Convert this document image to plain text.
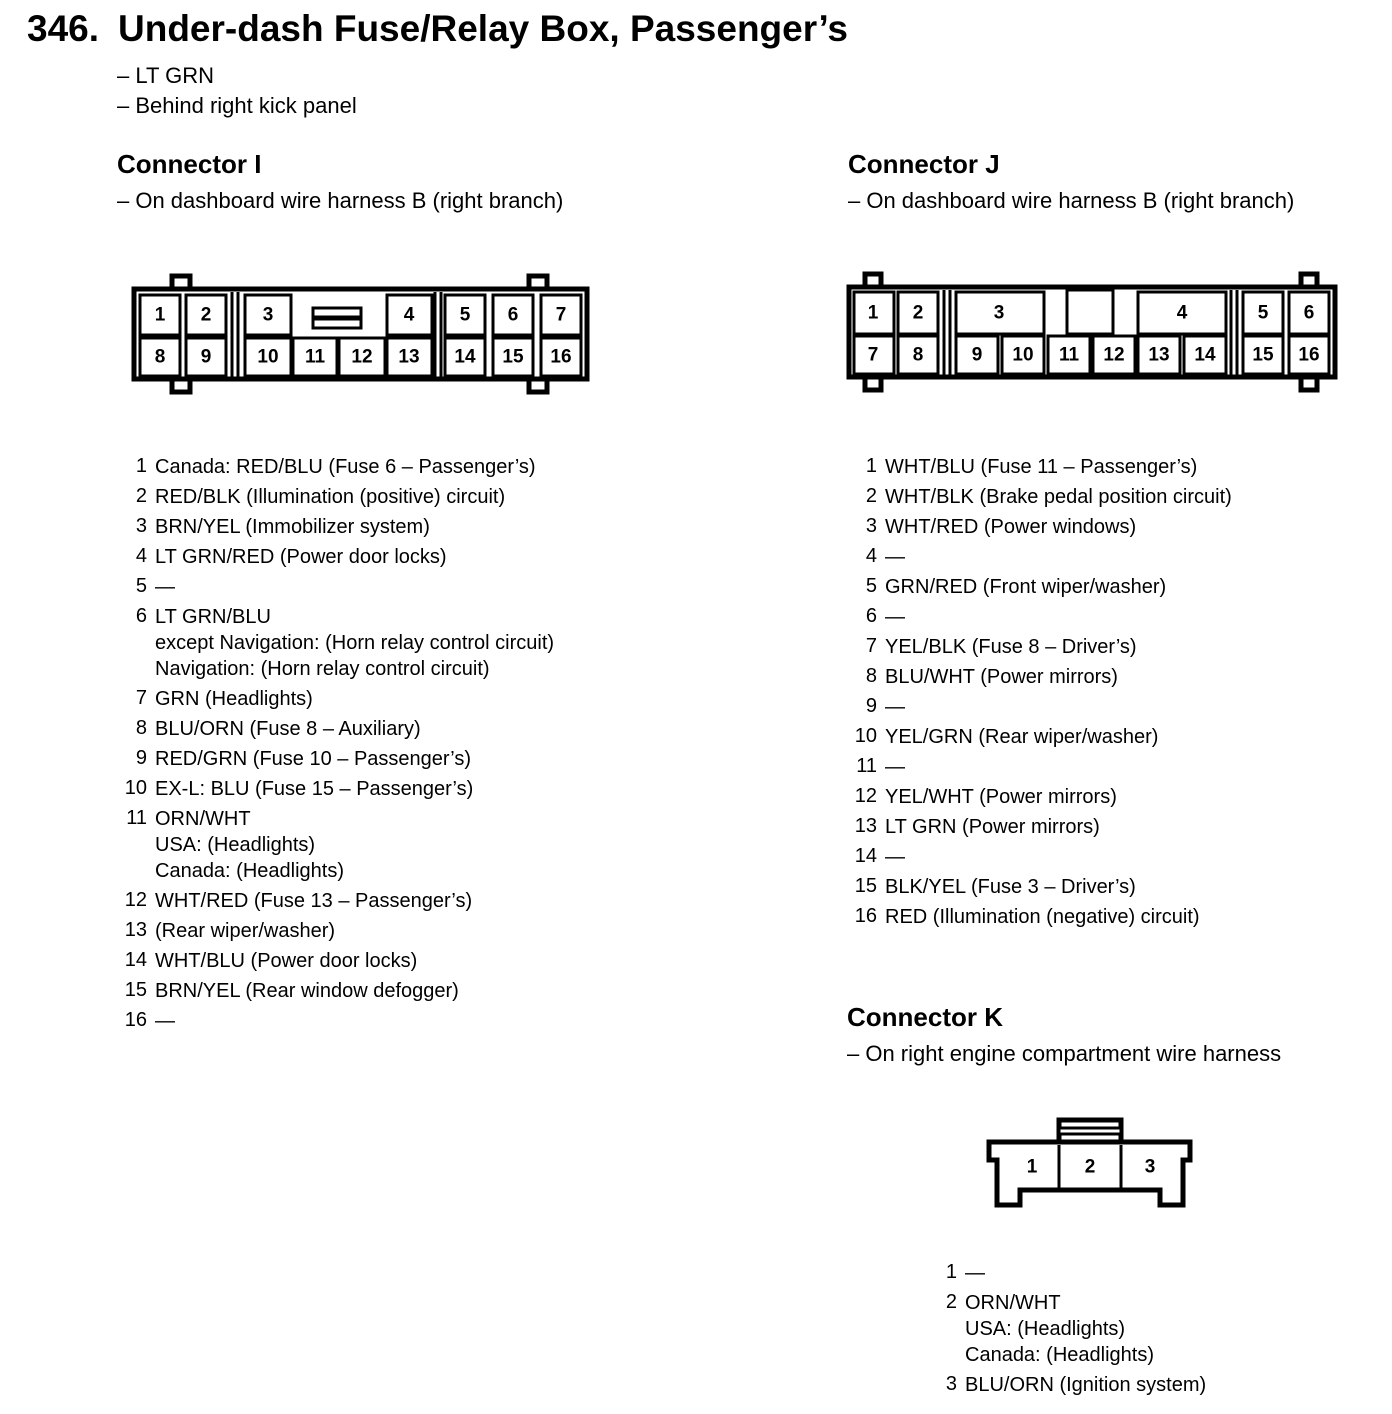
346. Under-dash Fuse/Relay Box, Passenger’s
– LT GRN
– Behind right kick panel
Connector I
– On dashboard wire harness B (right branch)
1 2	3	4 5 6 7
8 9 10 11 12 13 14 15 16
1 Canada: RED/BLU (Fuse 6 – Passenger’s)
2 RED/BLK (Illumination (positive) circuit)
3 BRN/YEL (Immobilizer system)
4 LT GRN/RED (Power door locks)
5 —
6 LT GRN/BLU
except Navigation: (Horn relay control circuit)
Navigation: (Horn relay control circuit)
7 GRN (Headlights)
8 BLU/ORN (Fuse 8 – Auxiliary)
9 RED/GRN (Fuse 10 – Passenger’s)
10 EX-L: BLU (Fuse 15 – Passenger’s)
11 ORN/WHT
USA: (Headlights)
Canada: (Headlights)
12 WHT/RED (Fuse 13 – Passenger’s)
13 (Rear wiper/washer)
14 WHT/BLU (Power door locks)
15 BRN/YEL (Rear window defogger)
16 —
Connector J
– On dashboard wire harness B (right branch)
1 2	3	4	5 6
7 8	9 10 11 12 13 14 15 16
1 WHT/BLU (Fuse 11 – Passenger’s)
2 WHT/BLK (Brake pedal position circuit)
3 WHT/RED (Power windows)
4 —
5 GRN/RED (Front wiper/washer)
6 —
7 YEL/BLK (Fuse 8 – Driver’s)
8 BLU/WHT (Power mirrors)
9 —
10 YEL/GRN (Rear wiper/washer)
11 —
12 YEL/WHT (Power mirrors)
13 LT GRN (Power mirrors)
14 —
15 BLK/YEL (Fuse 3 – Driver’s)
16 RED (Illumination (negative) circuit)
Connector K
– On right engine compartment wire harness
1 2	3
1 —
2 ORN/WHT
USA: (Headlights)
Canada: (Headlights)
3 BLU/ORN (Ignition system)
